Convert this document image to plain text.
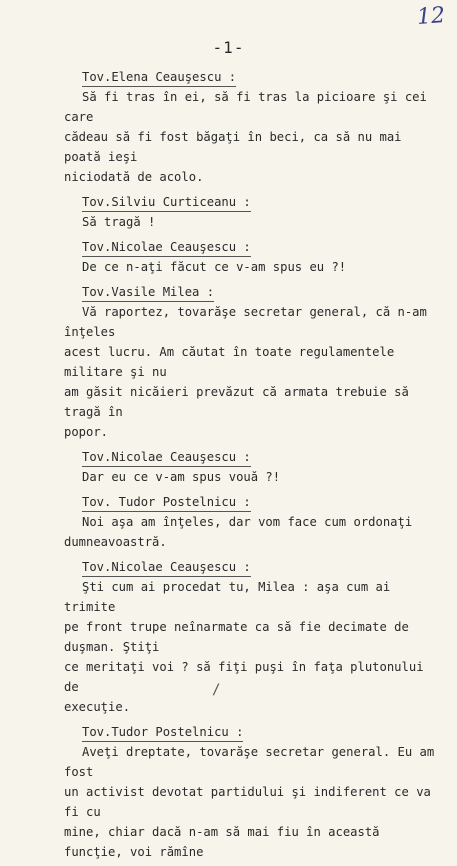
12
-1-
Tov.Elena Ceauşescu :
Să fi tras în ei, să fi tras la picioare şi cei care
cădeau să fi fost băgaţi în beci, ca să nu mai poată ieşi
niciodată de acolo.
Tov.Silviu Curticeanu :
Să tragă !
Tov.Nicolae Ceauşescu :
De ce n-aţi făcut ce v-am spus eu ?!
Tov.Vasile Milea :
Vă raportez, tovarăşe secretar general, că n-am înţeles
acest lucru. Am căutat în toate regulamentele militare şi nu
am găsit nicăieri prevăzut că armata trebuie să tragă în
popor.
Tov.Nicolae Ceauşescu :
Dar eu ce v-am spus vouă ?!
Tov. Tudor Postelnicu :
Noi aşa am înţeles, dar vom face cum ordonaţi
dumneavoastră.
Tov.Nicolae Ceauşescu :
Şti cum ai procedat tu, Milea : aşa cum ai trimite
pe front trupe neînarmate ca să fie decimate de duşman. Ştiţi
ce meritaţi voi ? să fiţi puşi în faţa plutonului de
execuţie.
Tov.Tudor Postelnicu :
Aveţi dreptate, tovarăşe secretar general. Eu am fost
un activist devotat partidului şi indiferent ce va fi cu
mine, chiar dacă n-am să mai fiu în această funcţie, voi rămîne
/
